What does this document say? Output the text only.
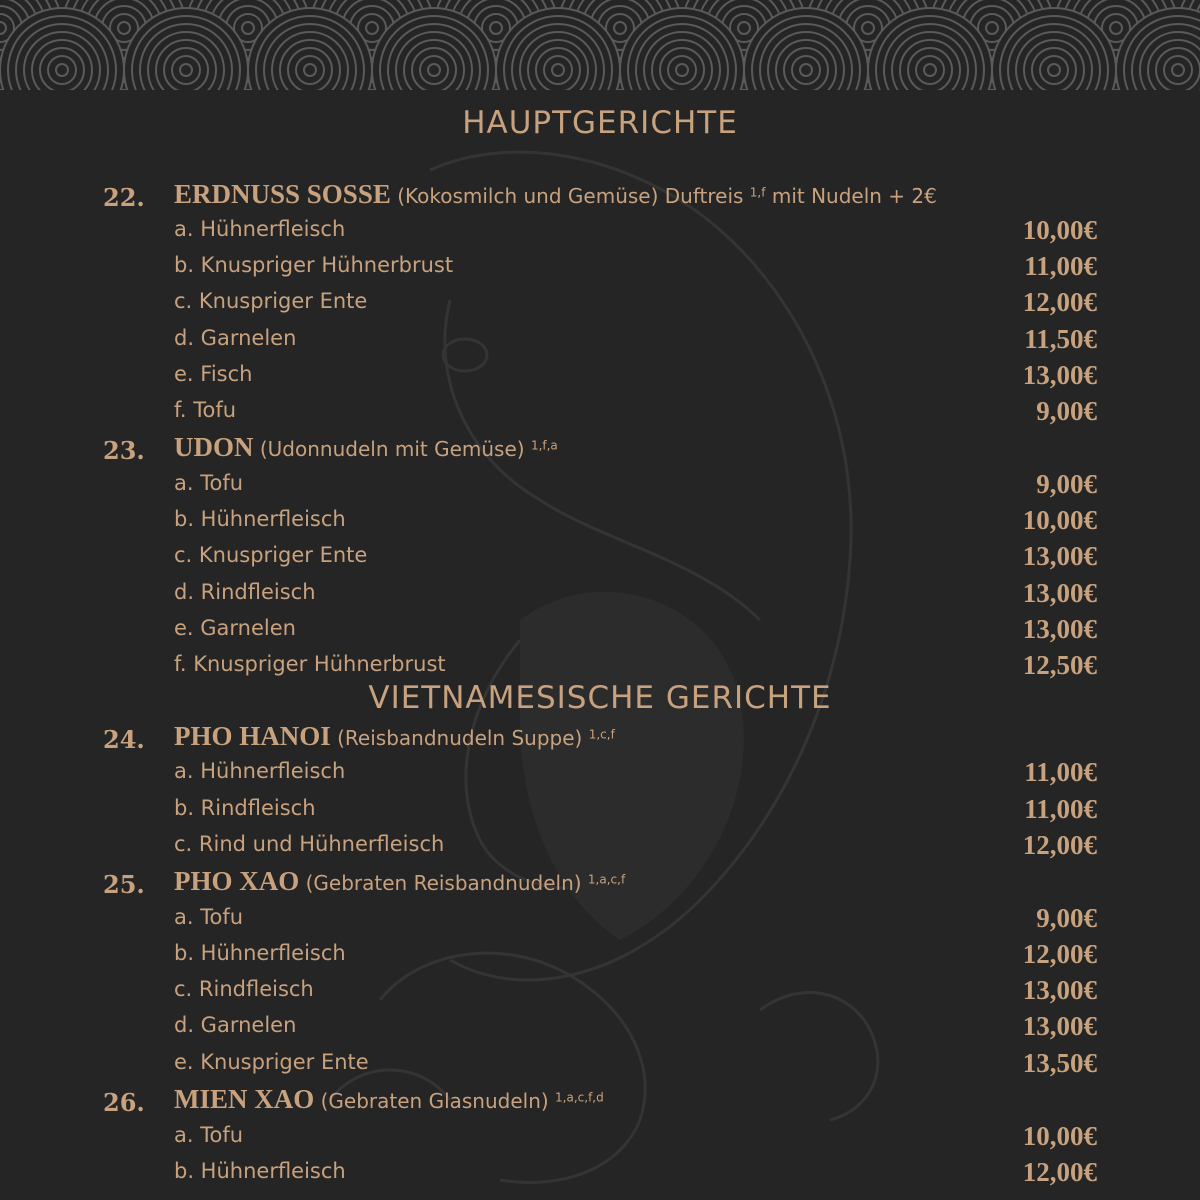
HAUPTGERICHTE
VIETNAMESISCHE GERICHTE
22. ERDNUSS SOSSE (Kokosmilch und Gemüse) Duftreis $^{1,f}$ mit Nudeln + 2€
a. Hühnerfleisch	10,00€
b. Knuspriger Hühnerbrust	11,00€
c. Knuspriger Ente	12,00€
d. Garnelen	11,50€
e. Fisch	13,00€
f. Tofu	9,00€
23. UDON (Udonnudeln mit Gemüse) $^{1,f,a}$
a. Tofu	9,00€
b. Hühnerfleisch	10,00€
c. Knuspriger Ente	13,00€
d. Rindfleisch	13,00€
e. Garnelen	13,00€
f. Knuspriger Hühnerbrust	12,50€
24. PHO HANOI (Reisbandnudeln Suppe) $^{1,c,f}$
a. Hühnerfleisch	11,00€
b. Rindfleisch	11,00€
c. Rind und Hühnerfleisch	12,00€
25. PHO XAO (Gebraten Reisbandnudeln) $^{1,a,c,f}$
a. Tofu	9,00€
b. Hühnerfleisch	12,00€
c. Rindfleisch	13,00€
d. Garnelen	13,00€
e. Knuspriger Ente	13,50€
26. MIEN XAO (Gebraten Glasnudeln) $^{1,a,c,f,d}$
a. Tofu	10,00€
b. Hühnerfleisch	12,00€
